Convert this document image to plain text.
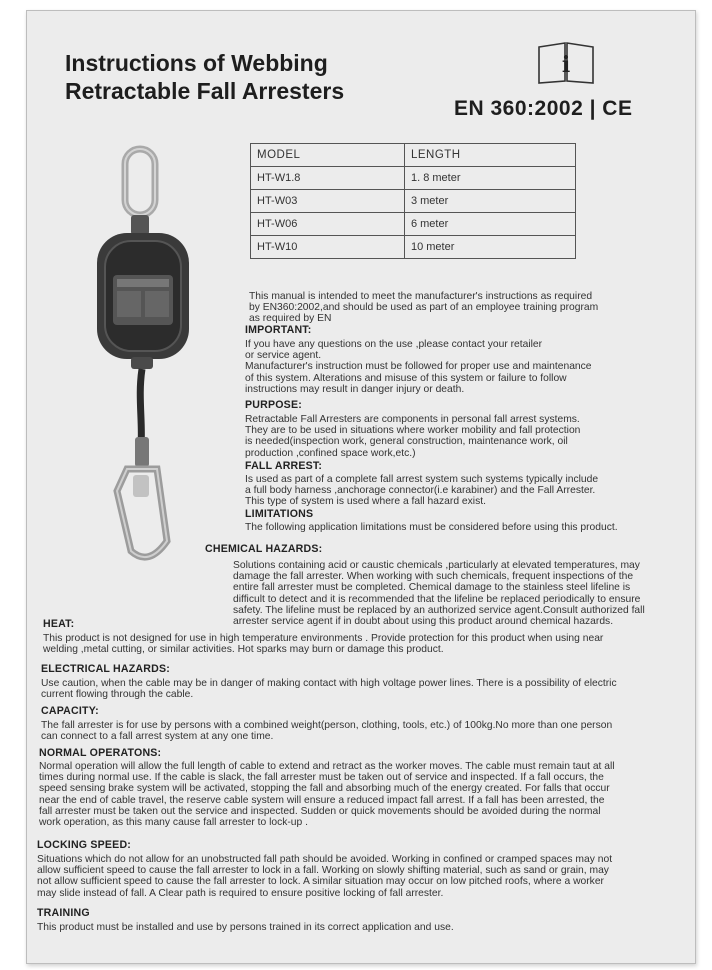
Instructions of Webbing
Retractable Fall Arresters
i
EN 360:2002 | CE
MODEL	LENGTH
HT-W1.8	1. 8 meter
HT-W03	3 meter
HT-W06	6 meter
HT-W10	10 meter
This manual is intended to meet the manufacturer's instructions as required
by EN360:2002,and should be used as part of an employee training program
as required by EN
IMPORTANT:
If you have any questions on the use ,please contact your retailer
or service agent.
Manufacturer's instruction must be followed for proper use and maintenance
of this system. Alterations and misuse of this system or failure to follow
instructions may result in danger injury or death.
PURPOSE:
Retractable Fall Arresters are components in personal fall arrest systems.
They are to be used in situations where worker mobility and fall protection
is needed(inspection work, general construction, maintenance work, oil
production ,confined space work,etc.)
FALL ARREST:
Is used as part of a complete fall arrest system such systems typically include
a full body harness ,anchorage connector(i.e karabiner) and the Fall Arrester.
This type of system is used where a fall hazard exist.
LIMITATIONS
The following application limitations must be considered before using this product.
CHEMICAL HAZARDS:
Solutions containing acid or caustic chemicals ,particularly at elevated temperatures, may
damage the fall arrester. When working with such chemicals, frequent inspections of the
entire fall arrester must be completed. Chemical damage to the stainless steel lifeline is
difficult to detect and it is recommended that the lifeline be replaced periodically to ensure
safety. The lifeline must be replaced by an authorized service agent.Consult authorized fall
arrester service agent if in doubt about using this product around chemical hazards.
HEAT:
This product is not designed for use in high temperature environments . Provide protection for this product when using near
welding ,metal cutting, or similar activities. Hot sparks may burn or damage this product.
ELECTRICAL HAZARDS:
Use caution, when the cable may be in danger of making contact with high voltage power lines. There is a possibility of electric
current flowing through the cable.
CAPACITY:
The fall arrester is for use by persons with a combined weight(person, clothing, tools, etc.) of 100kg.No more than one person
can connect to a fall arrest system at any one time.
NORMAL OPERATONS:
Normal operation will allow the full length of cable to extend and retract as the worker moves. The cable must remain taut at all
times during normal use. If the cable is slack, the fall arrester must be taken out of service and inspected. If a fall occurs, the
speed sensing brake system will be activated, stopping the fall and absorbing much of the energy created. For falls that occur
near the end of cable travel, the reserve cable system will ensure a reduced impact fall arrest. If a fall has been arrested, the
fall arrester must be taken out the service and inspected. Sudden or quick movements should be avoided during the normal
work operation, as this many cause fall arrester to lock-up .
LOCKING SPEED:
Situations which do not allow for an unobstructed fall path should be avoided. Working in confined or cramped spaces may not
allow sufficient speed to cause the fall arrester to lock in a fall. Working on slowly shifting material, such as sand or grain, may
not allow sufficient speed to cause the fall arrester to lock. A similar situation may occur on low pitched roofs, where a worker
may slide instead of fall. A Clear path is required to ensure positive locking of fall arrester.
TRAINING
This product must be installed and use by persons trained in its correct application and use.
